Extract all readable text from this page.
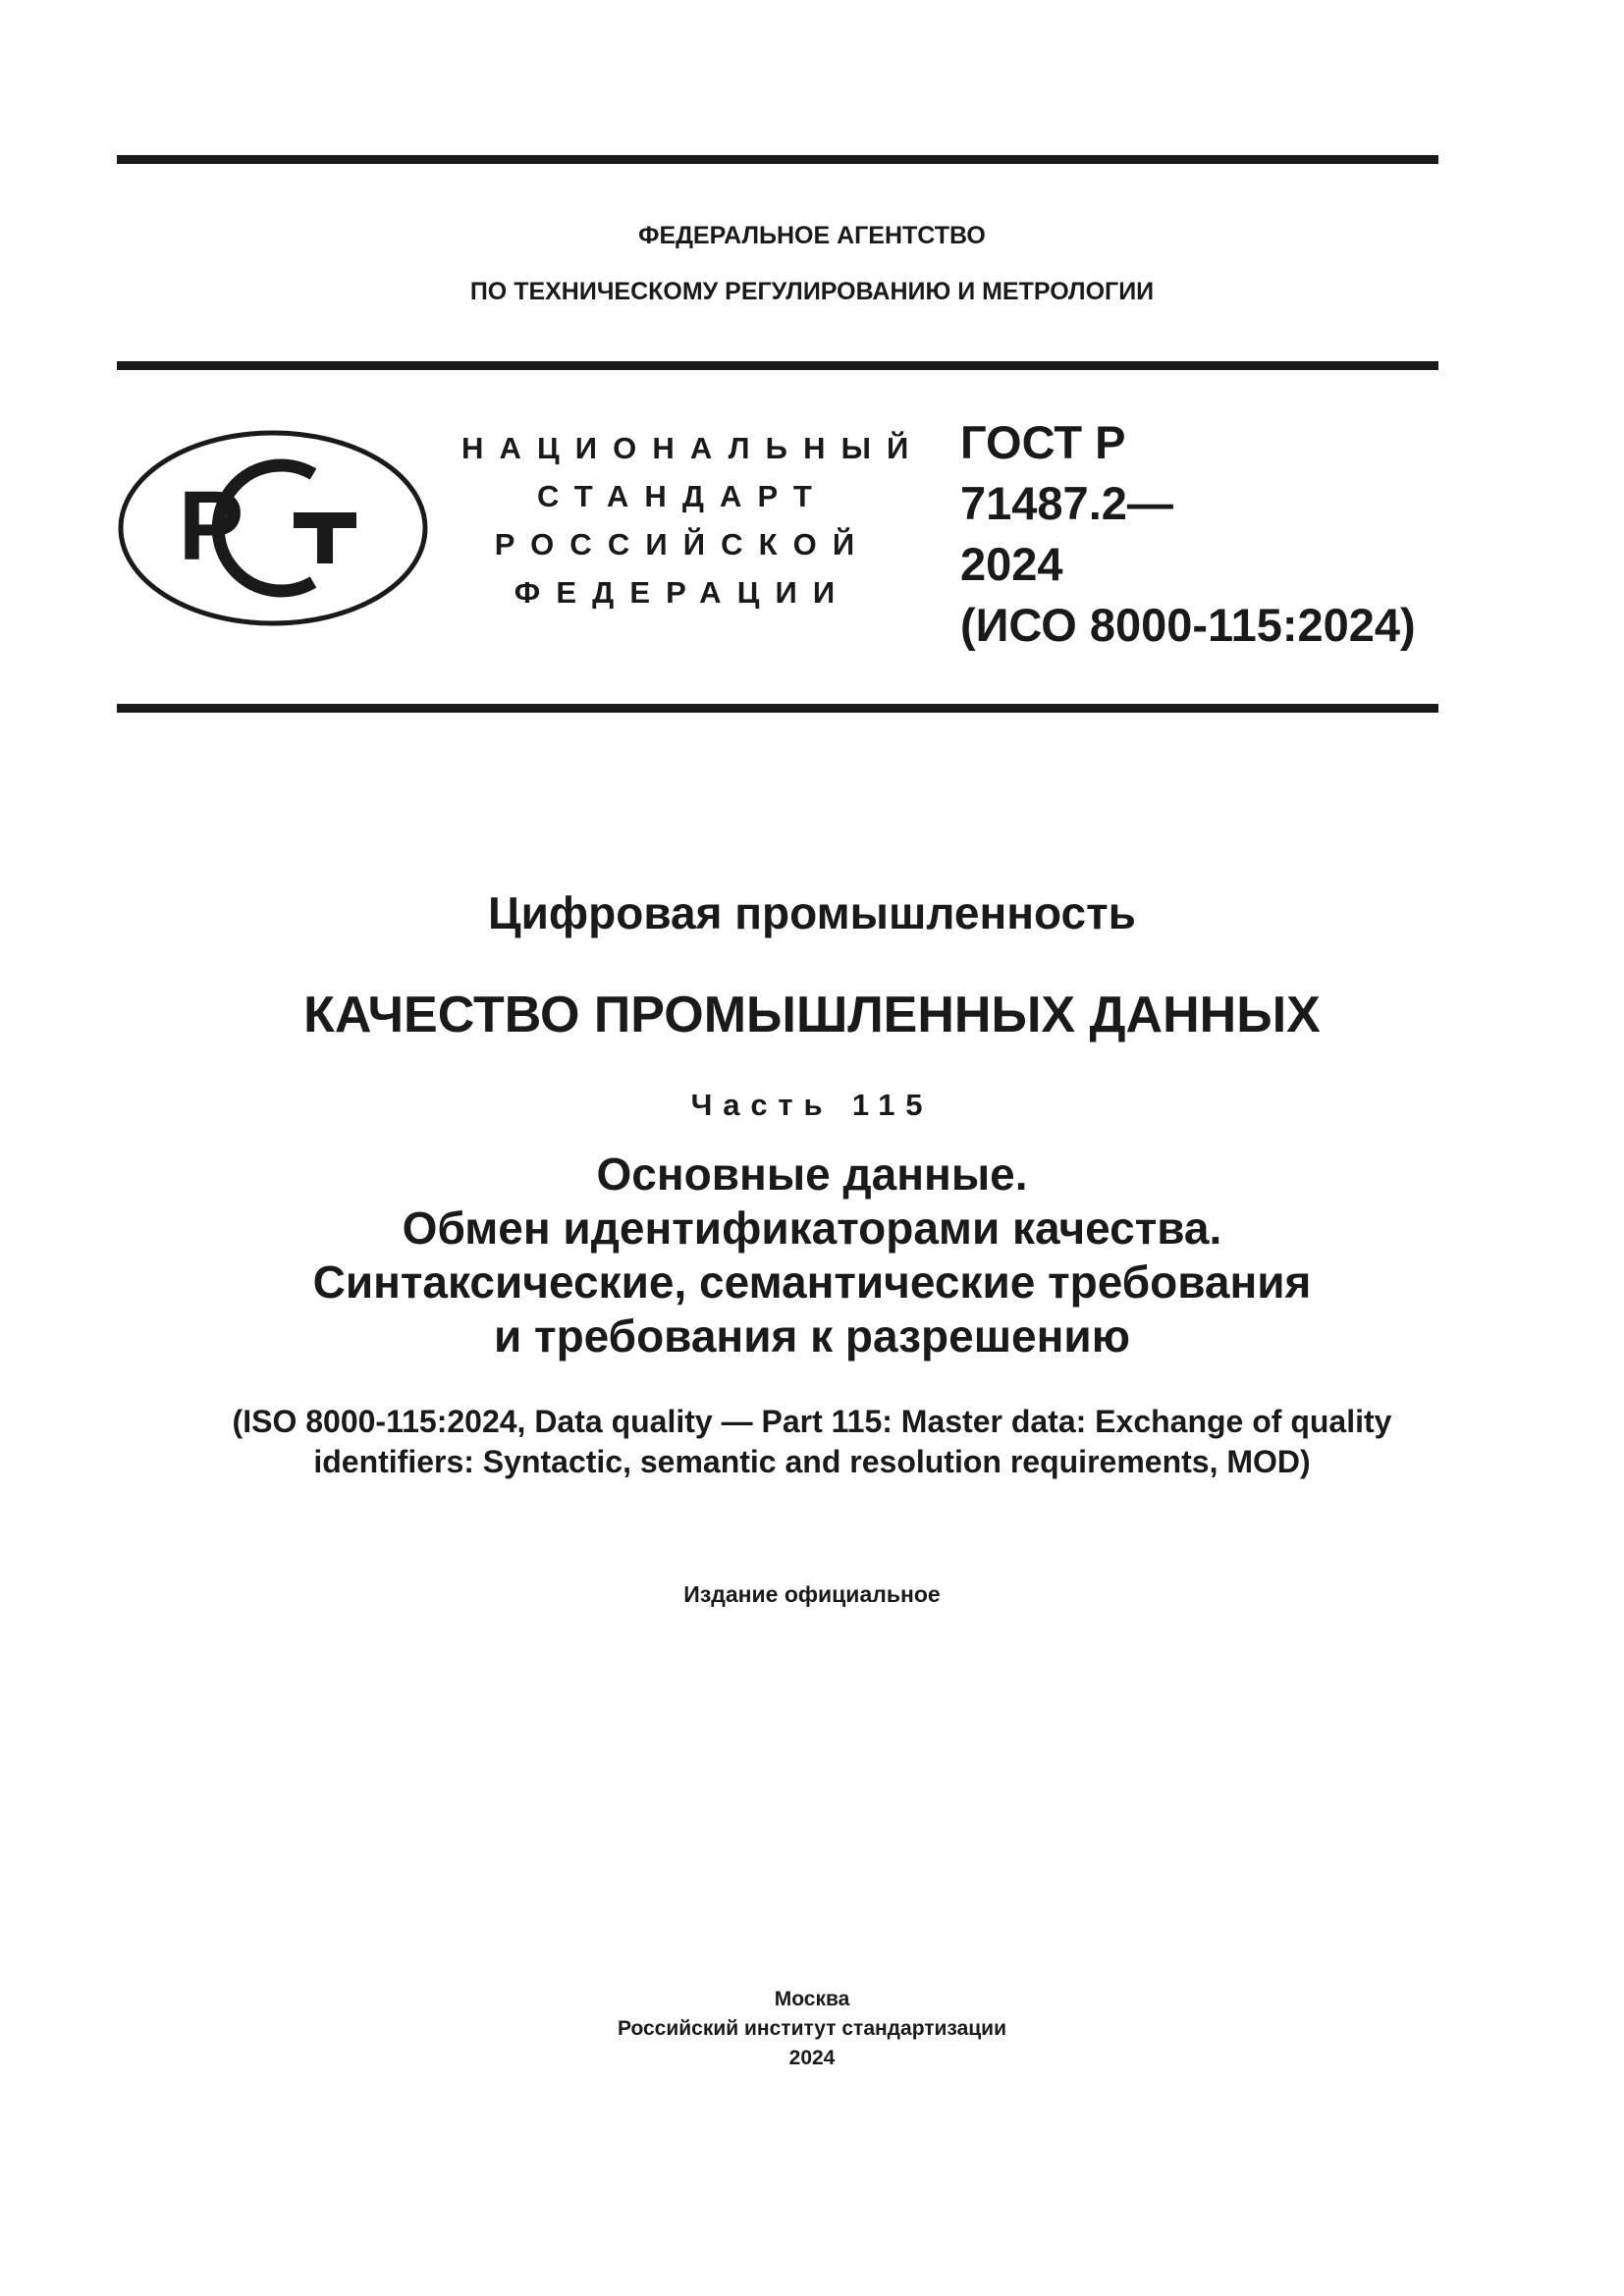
ФЕДЕРАЛЬНОЕ АГЕНТСТВО
ПО ТЕХНИЧЕСКОМУ РЕГУЛИРОВАНИЮ И МЕТРОЛОГИИ
Р
НАЦИОНАЛЬНЫЙ
СТАНДАРТ
РОССИЙСКОЙ
ФЕДЕРАЦИИ
ГОСТ Р
71487.2—
2024
(ИСО 8000-115:2024)
Цифровая промышленность
КАЧЕСТВО ПРОМЫШЛЕННЫХ ДАННЫХ
Часть 115
Основные данные.
Обмен идентификаторами качества.
Синтаксические, семантические требования
и требования к разрешению
(ISO 8000-115:2024, Data quality — Part 115: Master data: Exchange of quality
identifiers: Syntactic, semantic and resolution requirements, MOD)
Издание официальное
Москва
Российский институт стандартизации
2024
